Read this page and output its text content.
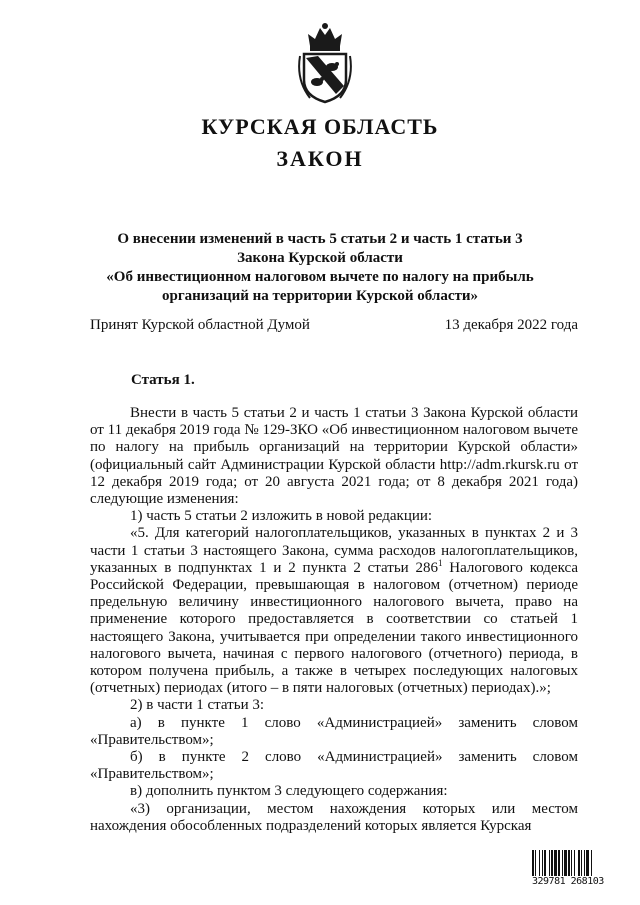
КУРСКАЯ ОБЛАСТЬ
ЗАКОН
О внесении изменений в часть 5 статьи 2 и часть 1 статьи 3
Закона Курской области
«Об инвестиционном налоговом вычете по налогу на прибыль
организаций на территории Курской области»
Принят Курской областной Думой	13 декабря 2022 года
Статья 1.

Внести в часть 5 статьи 2 и часть 1 статьи 3 Закона Курской области от 11 декабря 2019 года № 129-ЗКО «Об инвестиционном налоговом вычете по налогу на прибыль организаций на территории Курской области» (официальный сайт Администрации Курской области http://adm.rkursk.ru от 12 декабря 2019 года; от 20 августа 2021 года; от 8 декабря 2021 года) следующие изменения:

1) часть 5 статьи 2 изложить в новой редакции:

«5. Для категорий налогоплательщиков, указанных в пунктах 2 и 3 части 1 статьи 3 настоящего Закона, сумма расходов налогоплательщиков, указанных в подпунктах 1 и 2 пункта 2 статьи $286^1$ Налогового кодекса Российской Федерации, превышающая в налоговом (отчетном) периоде предельную величину инвестиционного налогового вычета, право на применение которого предоставляется в соответствии со статьей 1 настоящего Закона, учитывается при определении такого инвестиционного налогового вычета, начиная с первого налогового (отчетного) периода, в котором получена прибыль, а также в четырех последующих налоговых (отчетных) периодах (итого – в пяти налоговых (отчетных) периодах).»;

2) в части 1 статьи 3:

а) в пункте 1 слово «Администрацией» заменить словом «Правительством»;

б) в пункте 2 слово «Администрацией» заменить словом «Правительством»;

в) дополнить пунктом 3 следующего содержания:

«3) организации, местом нахождения которых или местом нахождения обособленных подразделений которых является Курская

329781 268103
